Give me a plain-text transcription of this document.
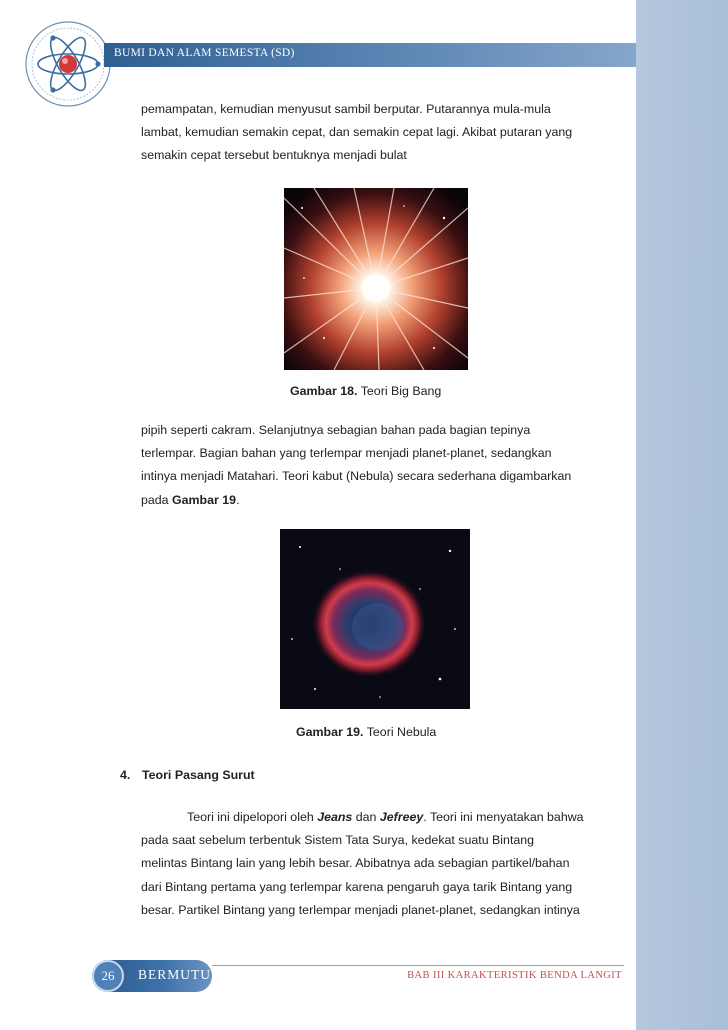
BUMI DAN ALAM SEMESTA (SD)
pemampatan, kemudian menyusut sambil berputar. Putarannya mula-mula
lambat, kemudian semakin cepat, dan semakin cepat lagi. Akibat putaran yang
semakin cepat tersebut bentuknya menjadi bulat
Gambar 18. Teori Big Bang
pipih seperti cakram. Selanjutnya sebagian bahan pada bagian tepinya
terlempar. Bagian bahan yang terlempar menjadi planet-planet, sedangkan
intinya menjadi Matahari. Teori kabut (Nebula) secara sederhana digambarkan
pada Gambar 19.
Gambar 19. Teori Nebula
4. Teori Pasang Surut
Teori ini dipelopori oleh Jeans dan Jefreey. Teori ini menyatakan bahwa
pada saat sebelum terbentuk Sistem Tata Surya, kedekat suatu Bintang
melintas Bintang lain yang lebih besar. Abibatnya ada sebagian partikel/bahan
dari Bintang pertama yang terlempar karena pengaruh gaya tarik Bintang yang
besar. Partikel Bintang yang terlempar menjadi planet-planet, sedangkan intinya
26	BERMUTU	BAB III KARAKTERISTIK BENDA LANGIT
